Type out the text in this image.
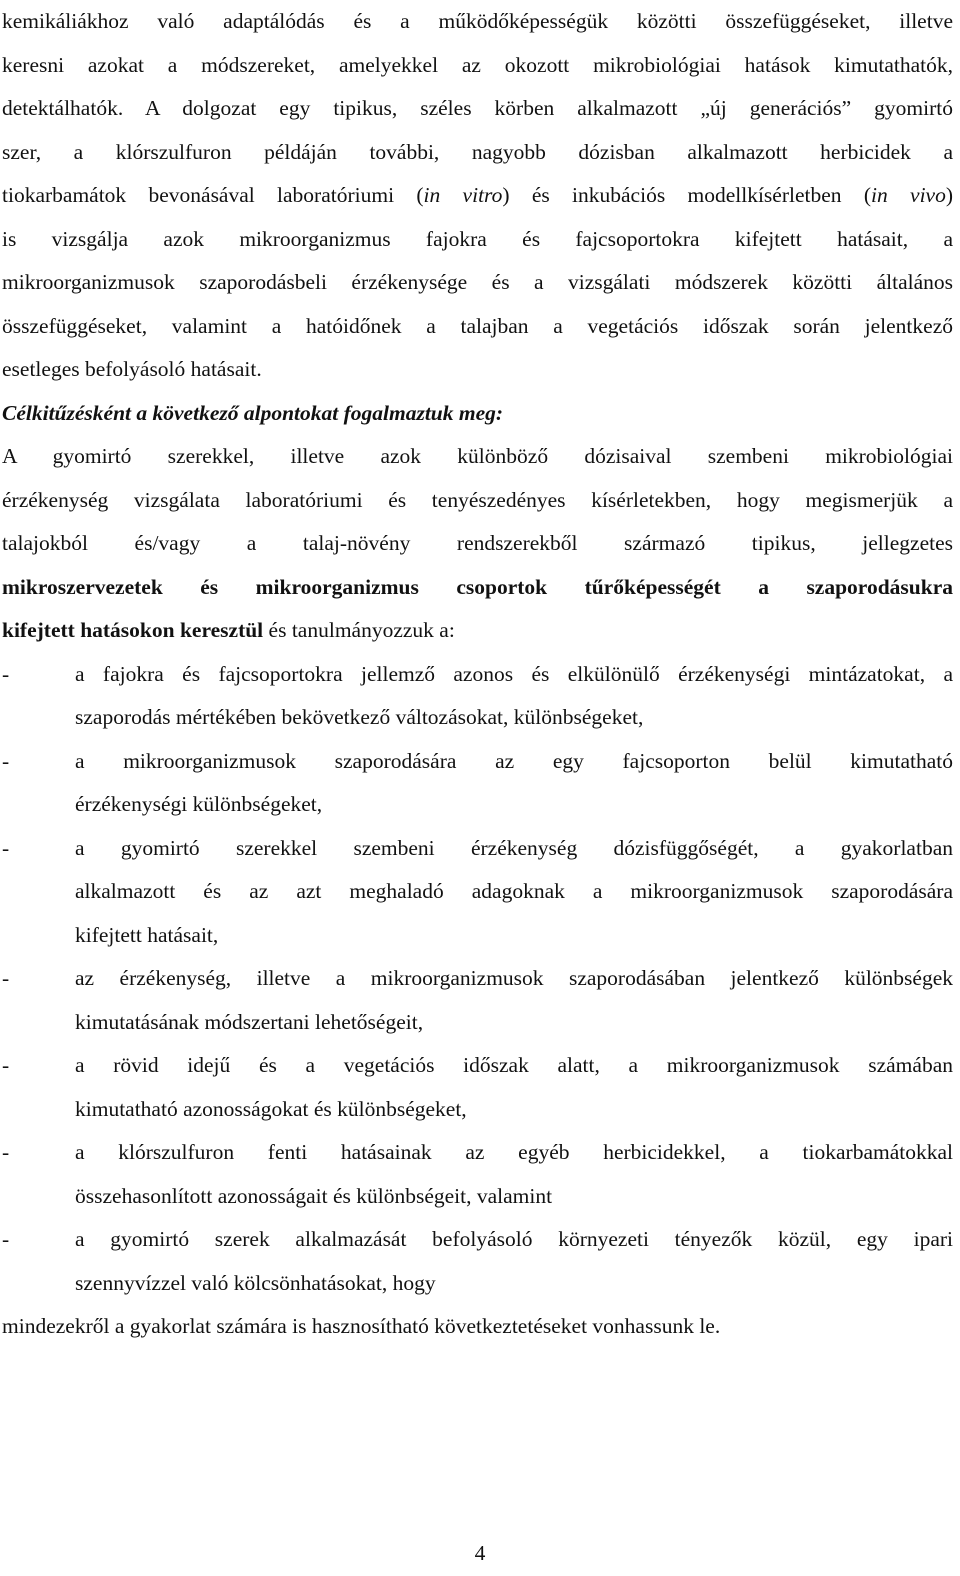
kemikáliákhoz való adaptálódás és a működőképességük közötti összefüggéseket, illetve
keresni azokat a módszereket, amelyekkel az okozott mikrobiológiai hatások kimutathatók,
detektálhatók. A dolgozat egy tipikus, széles körben alkalmazott „új generációs” gyomirtó
szer, a klórszulfuron példáján további, nagyobb dózisban alkalmazott herbicidek a
tiokarbamátok bevonásával laboratóriumi (in vitro) és inkubációs modellkísérletben (in vivo)
is vizsgálja azok mikroorganizmus fajokra és fajcsoportokra kifejtett hatásait, a
mikroorganizmusok szaporodásbeli érzékenysége és a vizsgálati módszerek közötti általános
összefüggéseket, valamint a hatóidőnek a talajban a vegetációs időszak során jelentkező
esetleges befolyásoló hatásait.
Célkitűzésként a következő alpontokat fogalmaztuk meg:
A gyomirtó szerekkel, illetve azok különböző dózisaival szembeni mikrobiológiai
érzékenység vizsgálata laboratóriumi és tenyészedényes kísérletekben, hogy megismerjük a
talajokból és/vagy a talaj-növény rendszerekből származó tipikus, jellegzetes
mikroszervezetek és mikroorganizmus csoportok tűrőképességét a szaporodásukra
kifejtett hatásokon keresztül és tanulmányozzuk a:
-	a fajokra és fajcsoportokra jellemző azonos és elkülönülő érzékenységi mintázatokat, a
szaporodás mértékében bekövetkező változásokat, különbségeket,
-	a mikroorganizmusok szaporodására az egy fajcsoporton belül kimutatható
érzékenységi különbségeket,
-	a gyomirtó szerekkel szembeni érzékenység dózisfüggőségét, a gyakorlatban
alkalmazott és az azt meghaladó adagoknak a mikroorganizmusok szaporodására
kifejtett hatásait,
-	az érzékenység, illetve a mikroorganizmusok szaporodásában jelentkező különbségek
kimutatásának módszertani lehetőségeit,
-	a rövid idejű és a vegetációs időszak alatt, a mikroorganizmusok számában
kimutatható azonosságokat és különbségeket,
-	a klórszulfuron fenti hatásainak az egyéb herbicidekkel, a tiokarbamátokkal
összehasonlított azonosságait és különbségeit, valamint
-	a gyomirtó szerek alkalmazását befolyásoló környezeti tényezők közül, egy ipari
szennyvízzel való kölcsönhatásokat, hogy
mindezekről a gyakorlat számára is hasznosítható következtetéseket vonhassunk le.
4
